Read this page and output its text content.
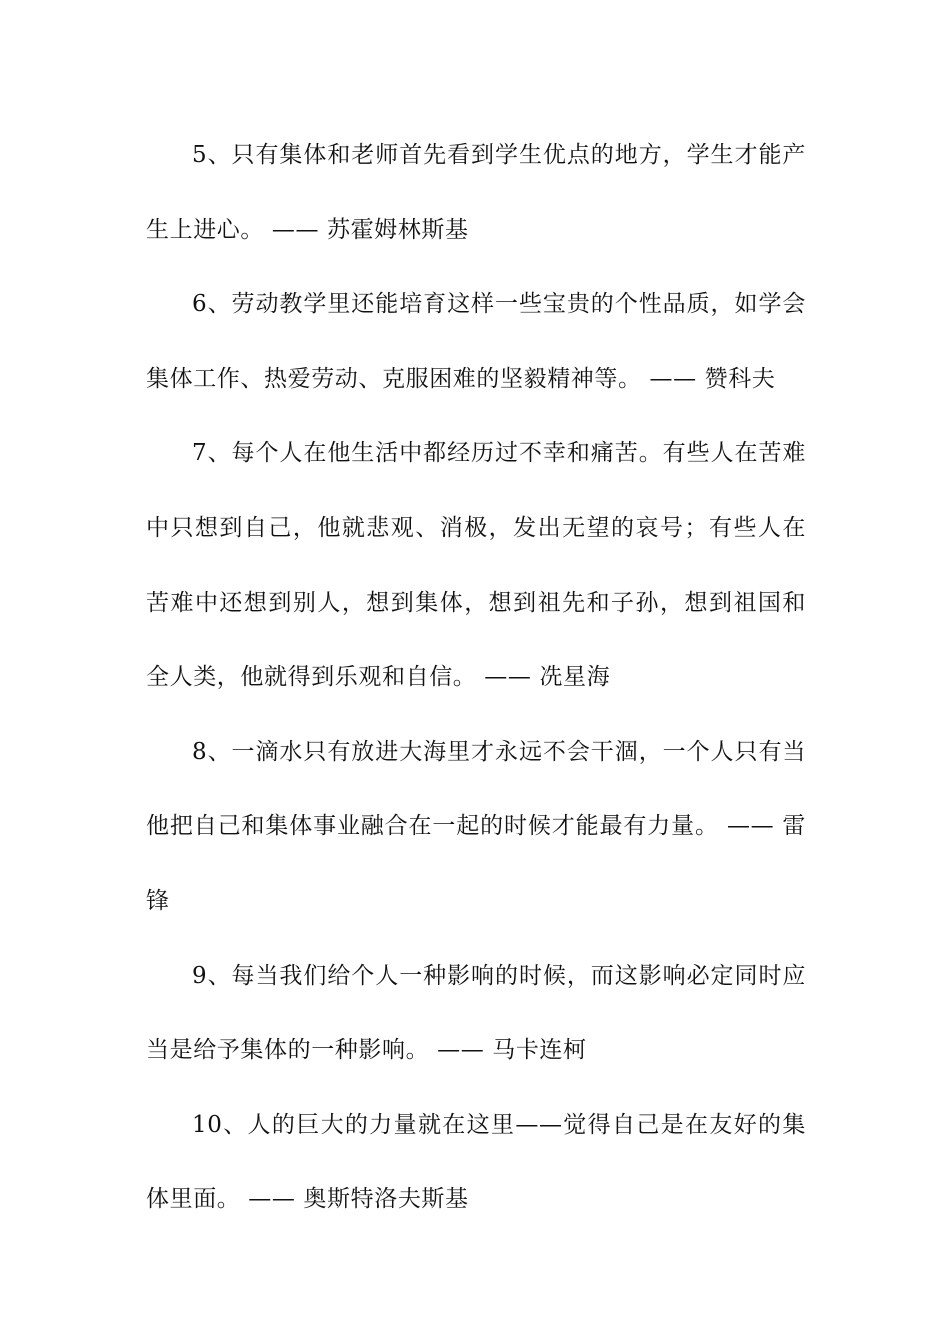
5、只有集体和老师首先看到学生优点的地方，学生才能产生上进心。 —— 苏霍姆林斯基

6、劳动教学里还能培育这样一些宝贵的个性品质，如学会集体工作、热爱劳动、克服困难的坚毅精神等。 —— 赞科夫

7、每个人在他生活中都经历过不幸和痛苦。有些人在苦难中只想到自己，他就悲观、消极，发出无望的哀号；有些人在苦难中还想到别人，想到集体，想到祖先和子孙，想到祖国和全人类，他就得到乐观和自信。 —— 冼星海

8、一滴水只有放进大海里才永远不会干涸，一个人只有当他把自己和集体事业融合在一起的时候才能最有力量。 —— 雷锋

9、每当我们给个人一种影响的时候，而这影响必定同时应当是给予集体的一种影响。 —— 马卡连柯

10、人的巨大的力量就在这里——觉得自己是在友好的集体里面。 —— 奥斯特洛夫斯基
